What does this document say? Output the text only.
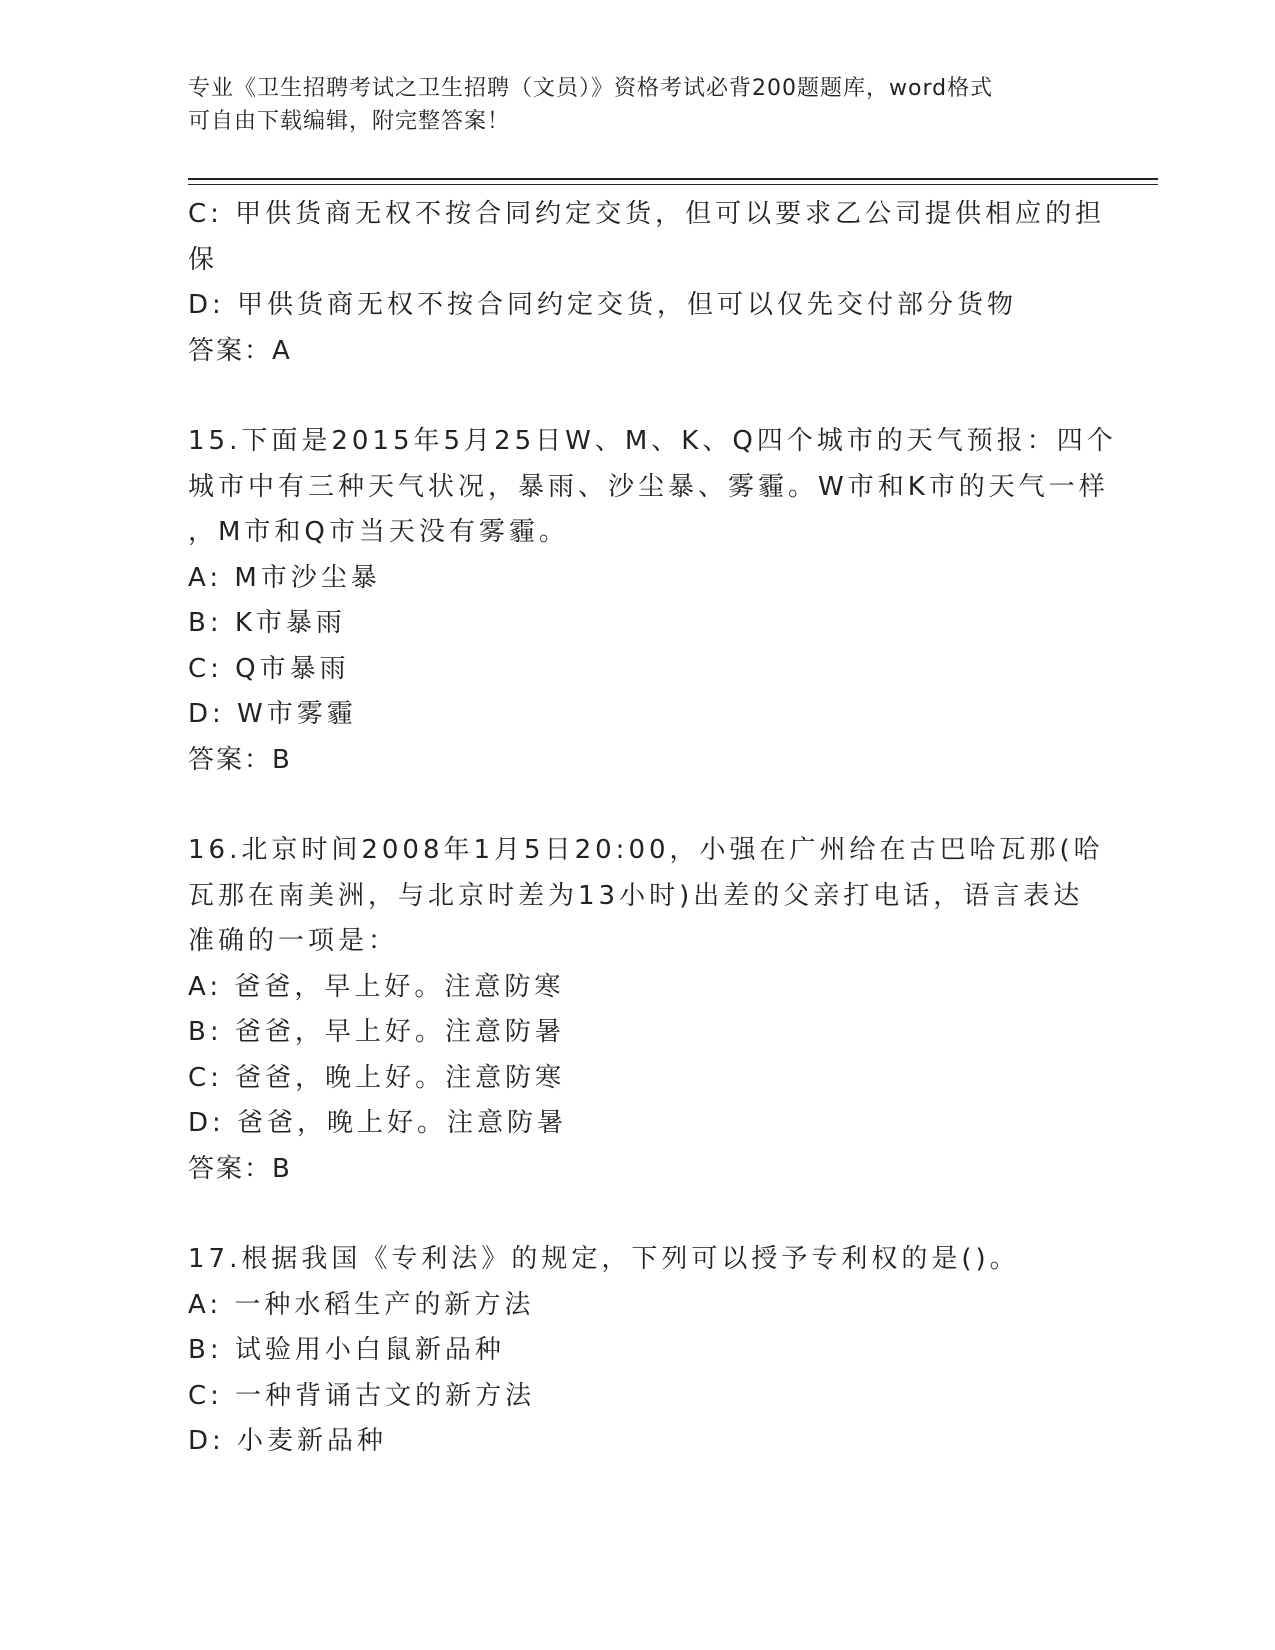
专业《卫生招聘考试之卫生招聘（文员）》资格考试必背200题题库，word格式
可自由下载编辑，附完整答案！
C: 甲供货商无权不按合同约定交货，但可以要求乙公司提供相应的担
保
D: 甲供货商无权不按合同约定交货，但可以仅先交付部分货物
答案：A
15.下面是2015年5月25日W、M、K、Q四个城市的天气预报：四个
城市中有三种天气状况，暴雨、沙尘暴、雾霾。W市和K市的天气一样
，M市和Q市当天没有雾霾。
A: M市沙尘暴
B: K市暴雨
C: Q市暴雨
D: W市雾霾
答案：B
16.北京时间2008年1月5日20:00，小强在广州给在古巴哈瓦那(哈
瓦那在南美洲，与北京时差为13小时)出差的父亲打电话，语言表达
准确的一项是：
A: 爸爸，早上好。注意防寒
B: 爸爸，早上好。注意防暑
C: 爸爸，晚上好。注意防寒
D: 爸爸，晚上好。注意防暑
答案：B
17.根据我国《专利法》的规定，下列可以授予专利权的是()。
A: 一种水稻生产的新方法
B: 试验用小白鼠新品种
C: 一种背诵古文的新方法
D: 小麦新品种
